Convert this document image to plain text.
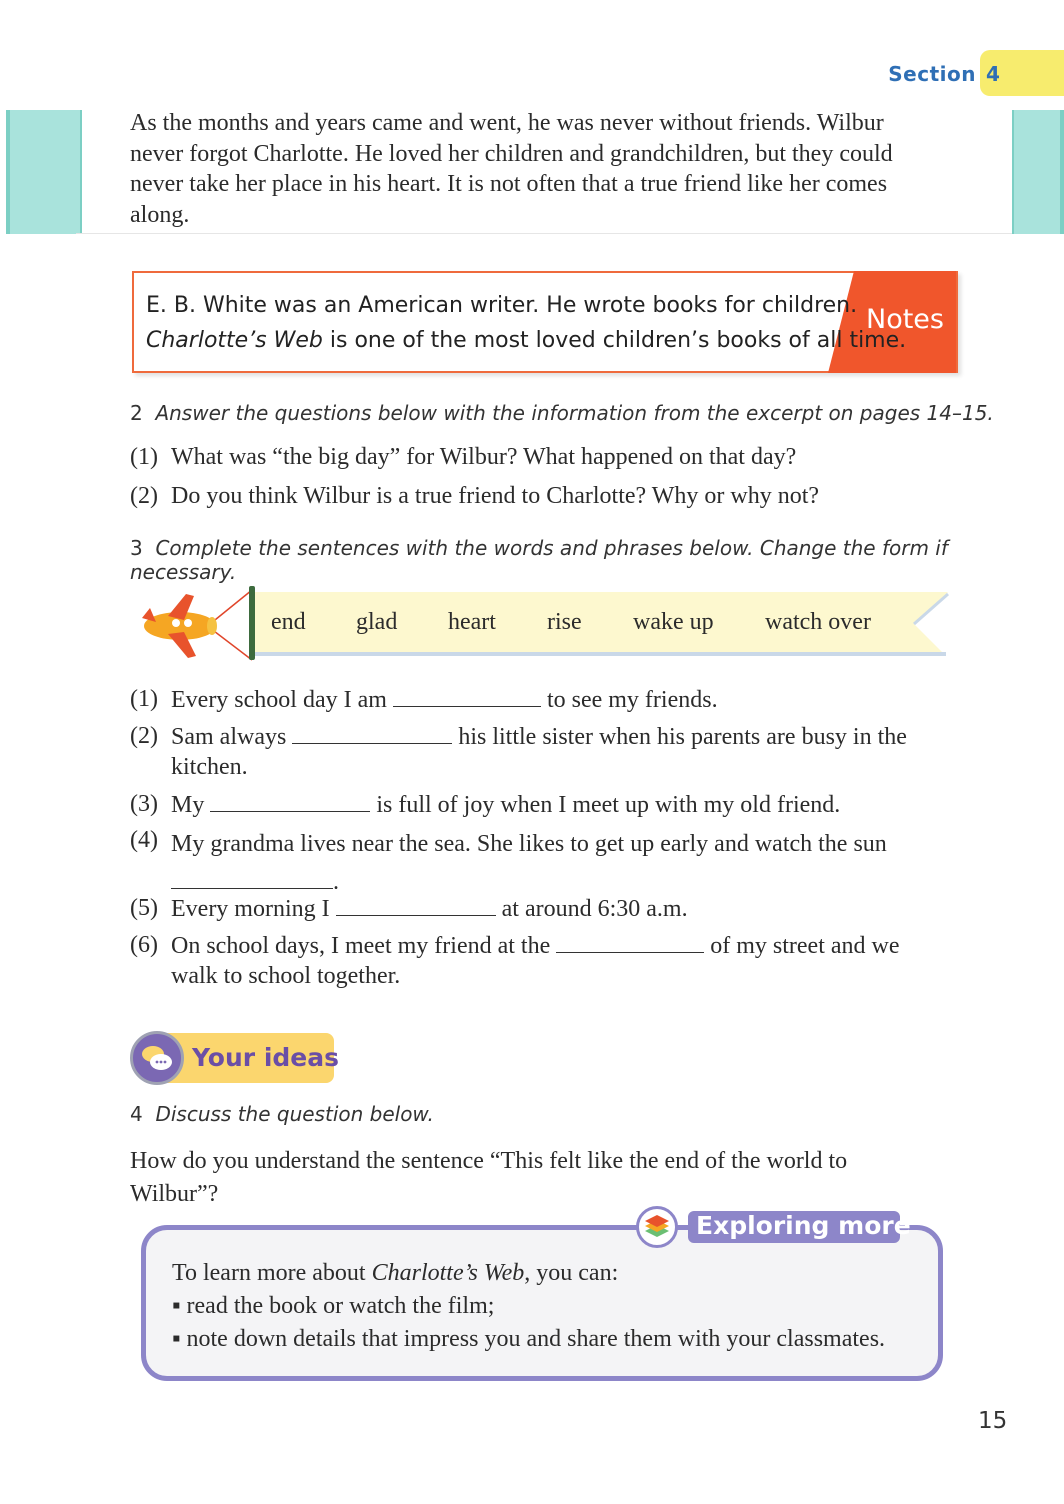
Section 4
As the months and years came and went, he was never without friends. Wilbur never forgot Charlotte. He loved her children and grandchildren, but they could never take her place in his heart. It is not often that a true friend like her comes along.
E. B. White was an American writer. He wrote books for children.
Charlotte’s Web is one of the most loved children’s books of all time.
Notes
2 Answer the questions below with the information from the excerpt on pages 14–15.
(1) What was “the big day” for Wilbur? What happened on that day?
(2) Do you think Wilbur is a true friend to Charlotte? Why or why not?
3 Complete the sentences with the words and phrases below. Change the form if necessary.
end glad heart rise wake up watch over
(1) Every school day I am	to see my friends.
(2) Sam always	his little sister when his parents are busy in the
kitchen.
(3) My	is full of joy when I meet up with my old friend.
(4) My grandma lives near the sea. She likes to get up early and watch the sun
.
(5) Every morning I	at around 6:30 a.m.
(6) On school days, I meet my friend at the	of my street and we
walk to school together.
Your ideas
4 Discuss the question below.
How do you understand the sentence “This felt like the end of the world to Wilbur”?
Exploring more
To learn more about Charlotte’s Web, you can:
▪ read the book or watch the film;
▪ note down details that impress you and share them with your classmates.
15
